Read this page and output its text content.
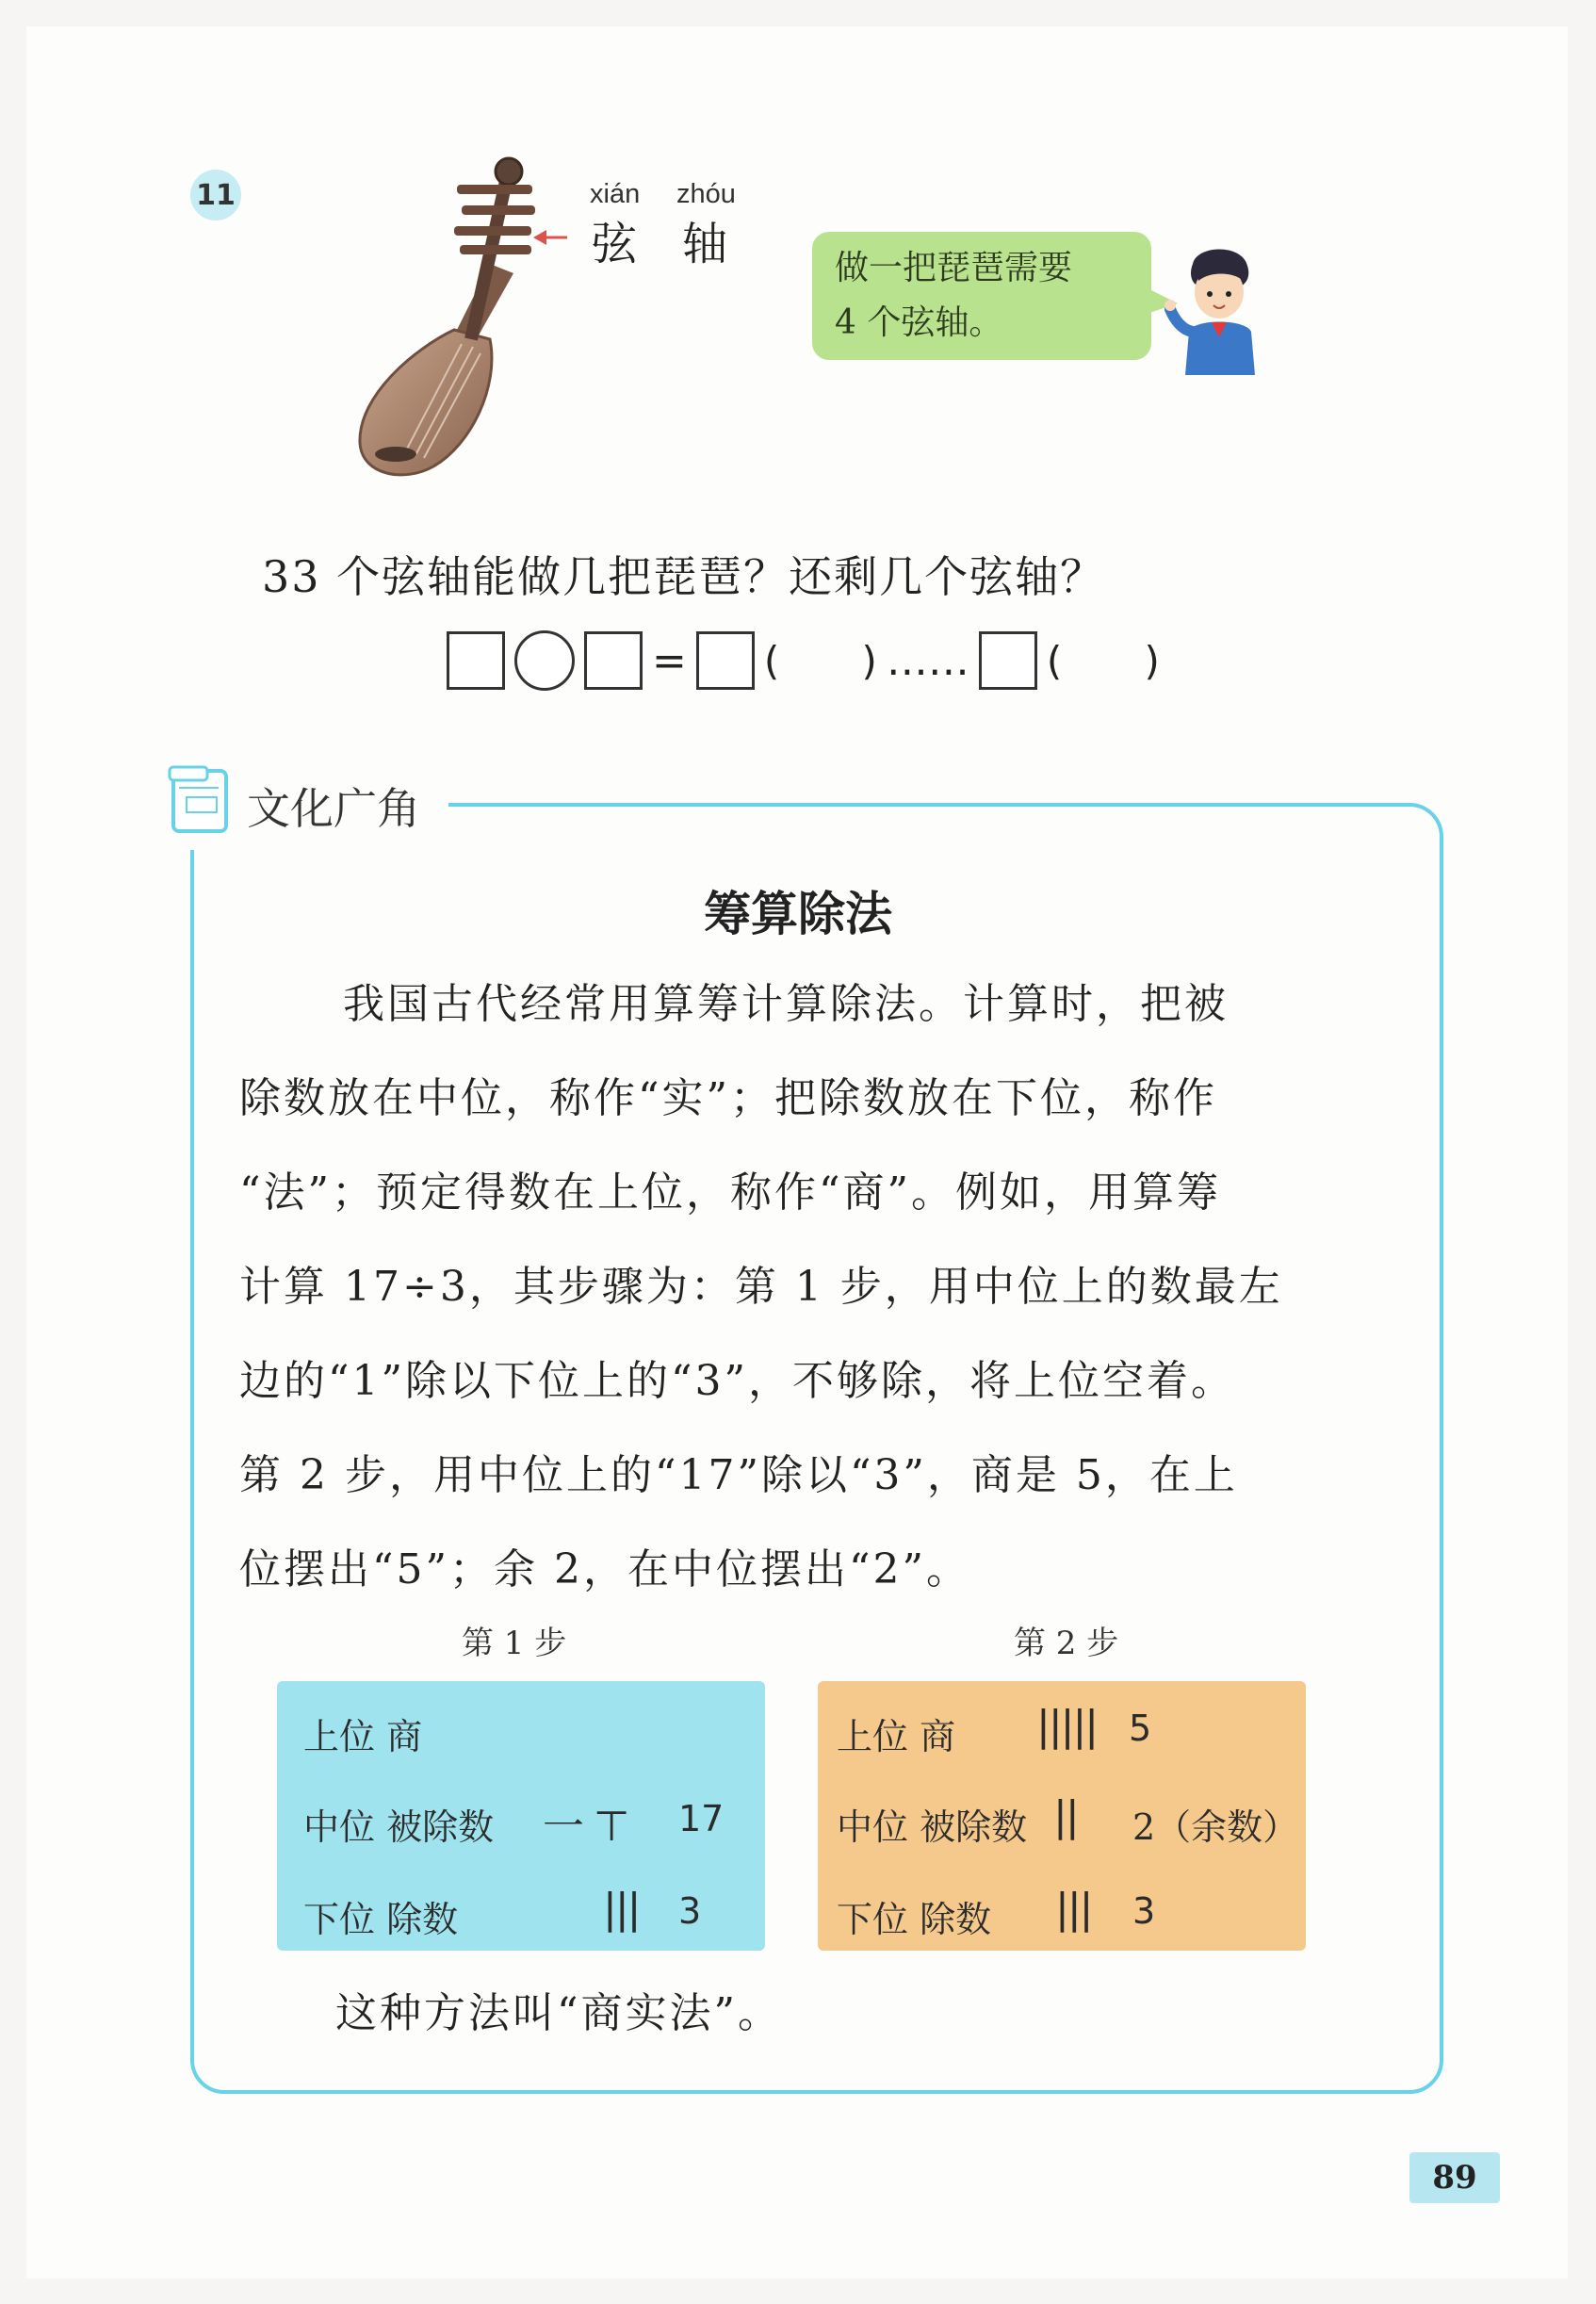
11	xián zhóu
弦 轴	做一把琵琶需要
4 个弦轴。
33 个弦轴能做几把琵琶？还剩几个弦轴？
= ( ) …… ( )
文化广角
筹算除法

我国古代经常用算筹计算除法。计算时，把被

除数放在中位，称作“实”；把除数放在下位，称作

“法”；预定得数在上位，称作“商”。例如，用算筹

计算 17÷3，其步骤为：第 1 步，用中位上的数最左

边的“1”除以下位上的“3”，不够除，将上位空着。

第 2 步，用中位上的“17”除以“3”，商是 5，在上

位摆出“5”；余 2，在中位摆出“2”。

第 1 步	第 2 步
上位 商
中位 被除数 一 ⊤ 17
下位 除数	||| 3
上位 商 ||||| 5
中位 被除数 || 2（余数）
下位 除数 ||| 3
这种方法叫“商实法”。
89
